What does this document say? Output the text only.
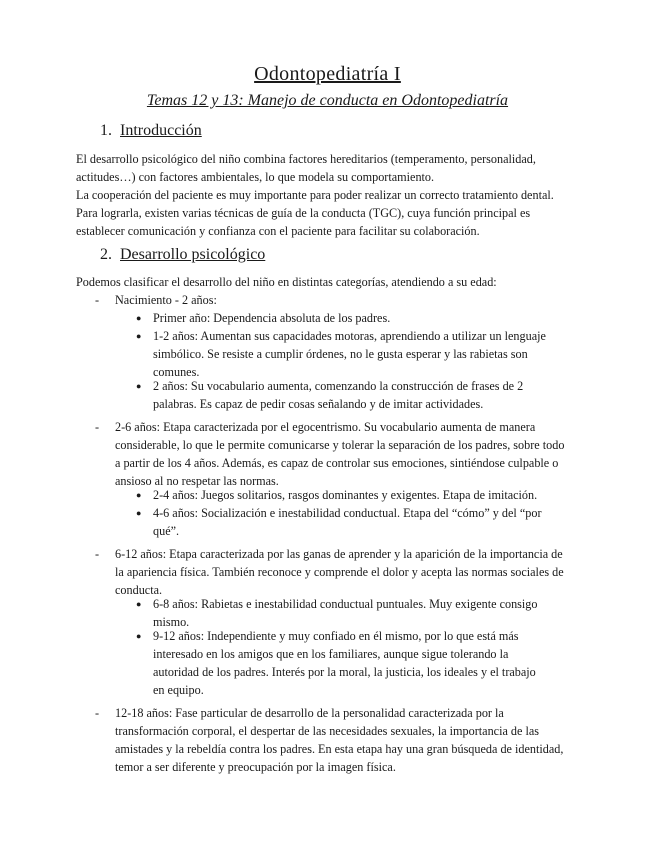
Odontopediatría I
Temas 12 y 13: Manejo de conducta en Odontopediatría
1. Introducción
El desarrollo psicológico del niño combina factores hereditarios (temperamento, personalidad, actitudes…) con factores ambientales, lo que modela su comportamiento.
La cooperación del paciente es muy importante para poder realizar un correcto tratamiento dental. Para lograrla, existen varias técnicas de guía de la conducta (TGC), cuya función principal es establecer comunicación y confianza con el paciente para facilitar su colaboración.
2. Desarrollo psicológico
Podemos clasificar el desarrollo del niño en distintas categorías, atendiendo a su edad:
- Nacimiento - 2 años:
● Primer año: Dependencia absoluta de los padres.
● 1-2 años: Aumentan sus capacidades motoras, aprendiendo a utilizar un lenguaje simbólico. Se resiste a cumplir órdenes, no le gusta esperar y las rabietas son comunes.
● 2 años: Su vocabulario aumenta, comenzando la construcción de frases de 2 palabras. Es capaz de pedir cosas señalando y de imitar actividades.
- 2-6 años: Etapa caracterizada por el egocentrismo. Su vocabulario aumenta de manera considerable, lo que le permite comunicarse y tolerar la separación de los padres, sobre todo a partir de los 4 años. Además, es capaz de controlar sus emociones, sintiéndose culpable o ansioso al no respetar las normas.
● 2-4 años: Juegos solitarios, rasgos dominantes y exigentes. Etapa de imitación.
● 4-6 años: Socialización e inestabilidad conductual. Etapa del “cómo” y del “por qué”.
- 6-12 años: Etapa caracterizada por las ganas de aprender y la aparición de la importancia de la apariencia física. También reconoce y comprende el dolor y acepta las normas sociales de conducta.
● 6-8 años: Rabietas e inestabilidad conductual puntuales. Muy exigente consigo mismo.
● 9-12 años: Independiente y muy confiado en él mismo, por lo que está más interesado en los amigos que en los familiares, aunque sigue tolerando la autoridad de los padres. Interés por la moral, la justicia, los ideales y el trabajo en equipo.
- 12-18 años: Fase particular de desarrollo de la personalidad caracterizada por la transformación corporal, el despertar de las necesidades sexuales, la importancia de las amistades y la rebeldía contra los padres. En esta etapa hay una gran búsqueda de identidad, temor a ser diferente y preocupación por la imagen física.
